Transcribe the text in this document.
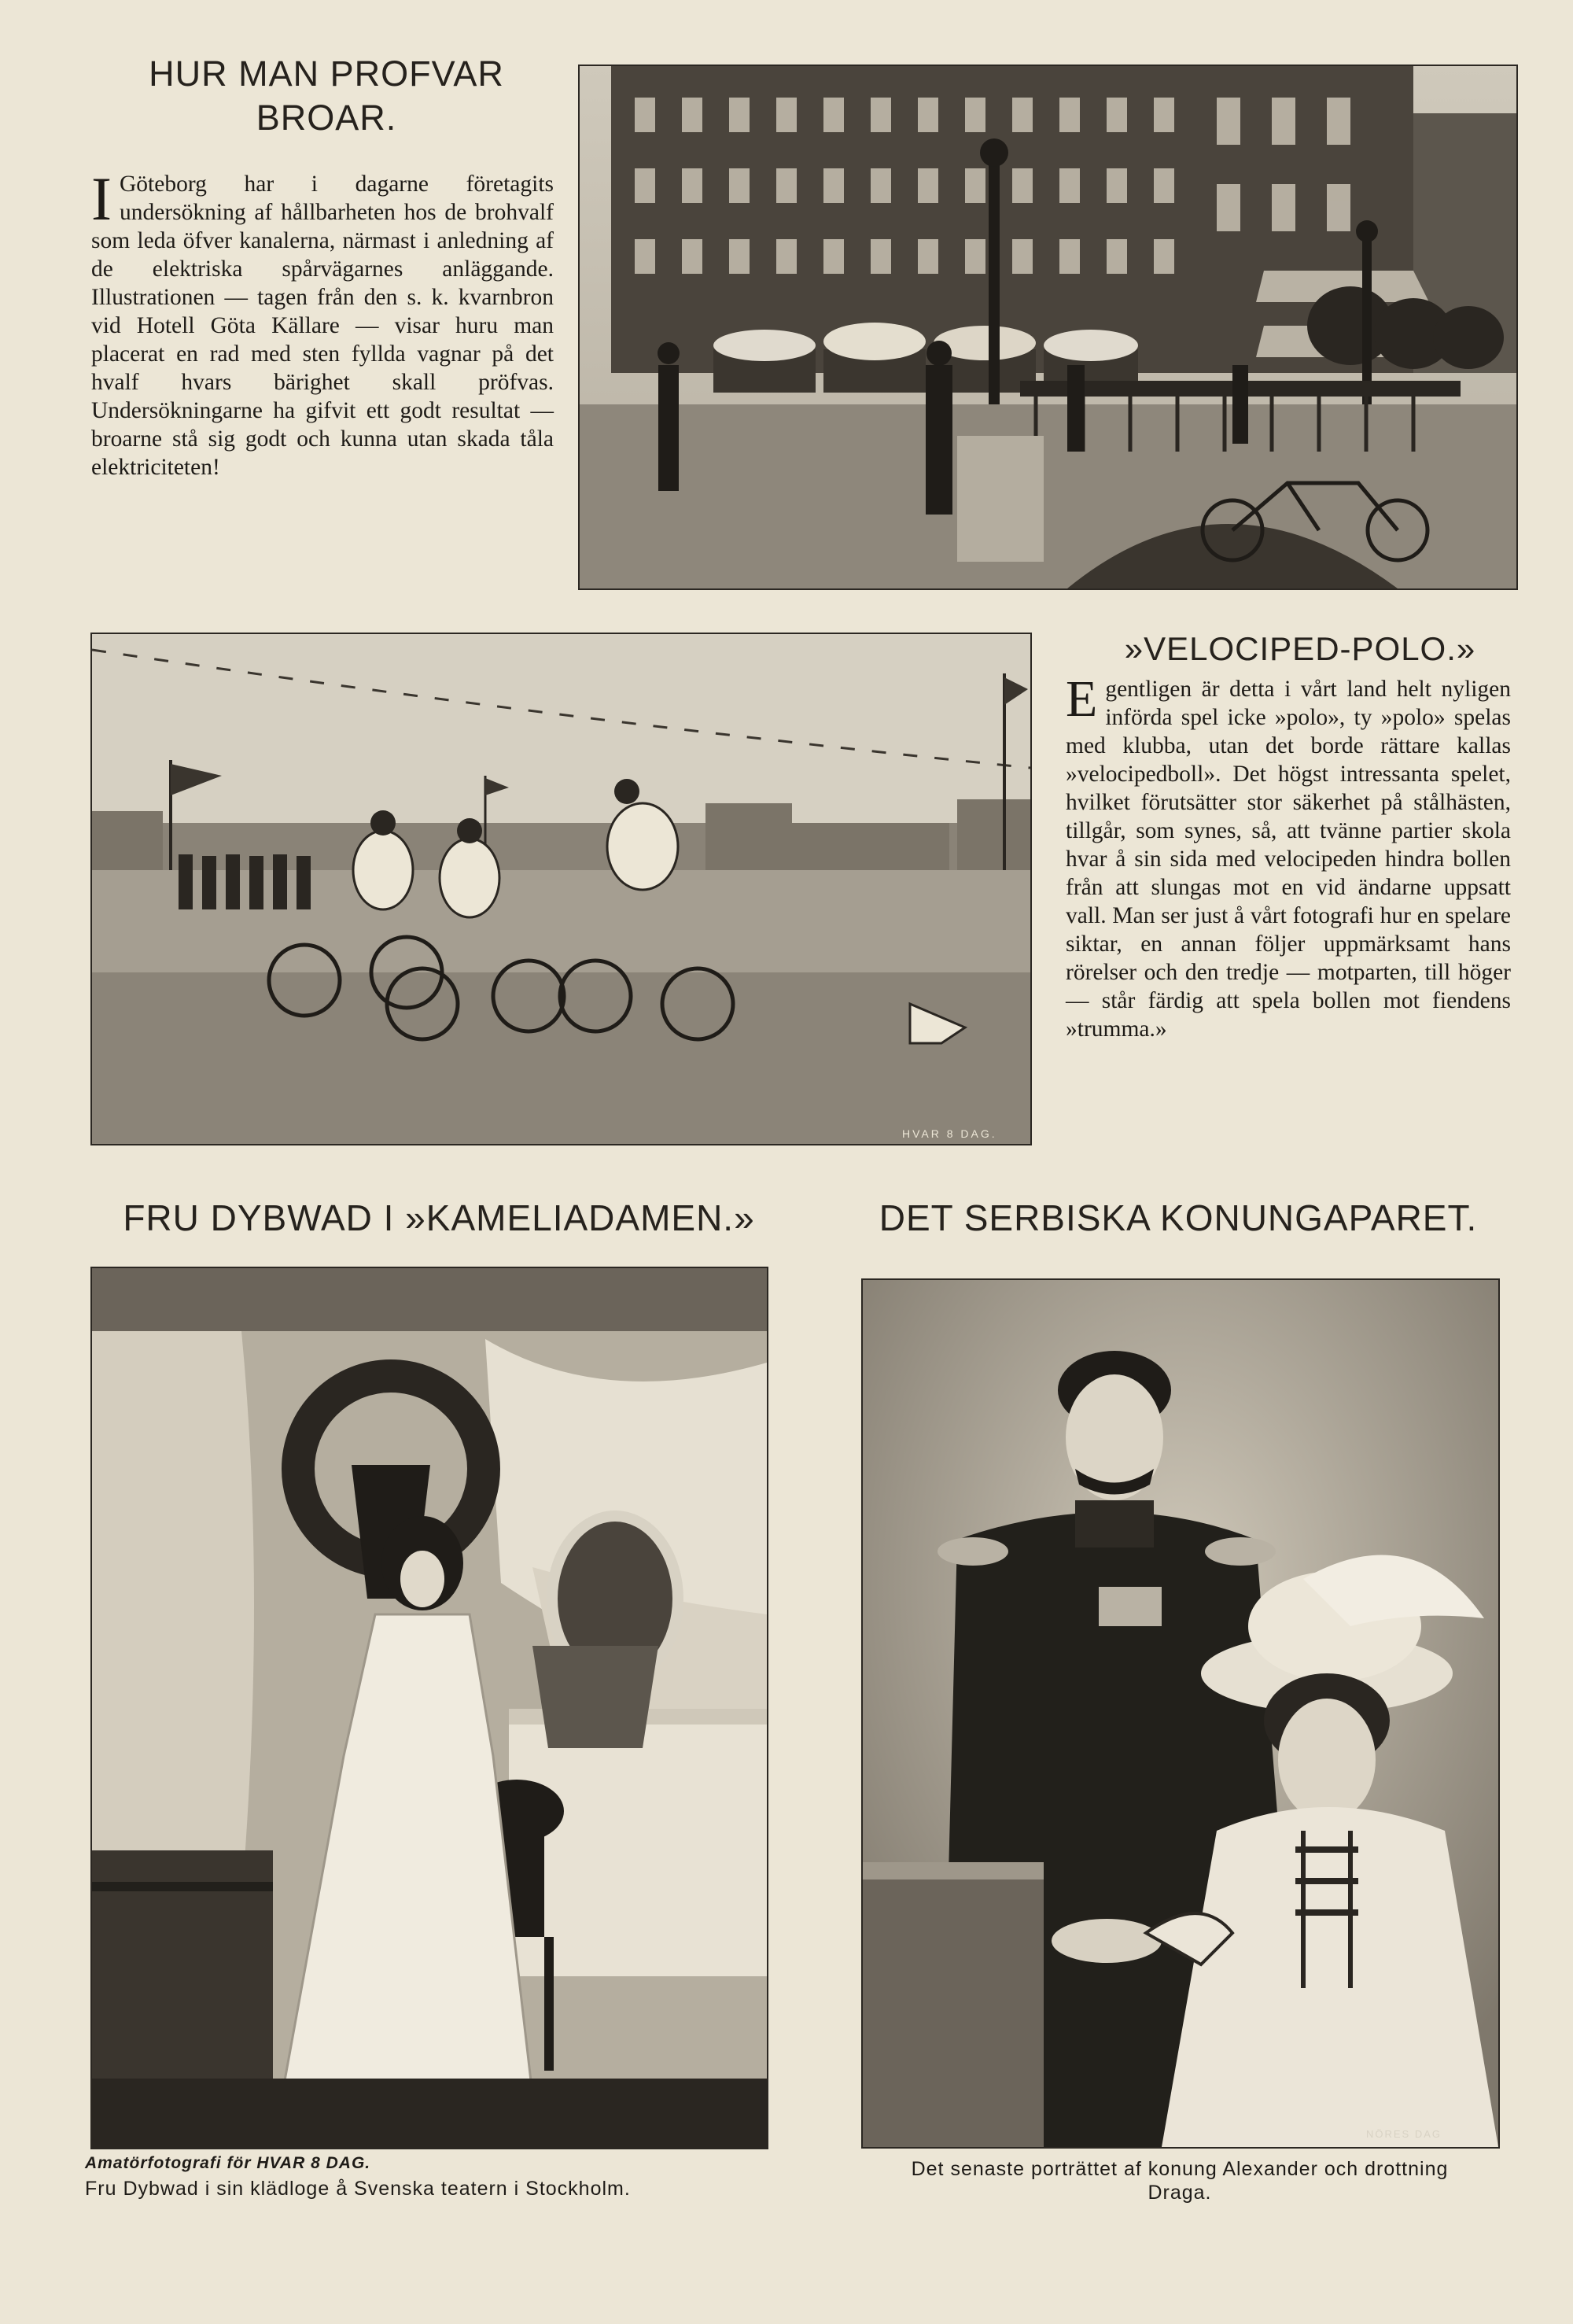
HUR MAN PROFVAR
BROAR.
I Göteborg har i dagarne företagits undersökning af hållbarheten hos de brohvalf som leda öfver kanalerna, närmast i anledning af de elektriska spårvägarnes anläggande. Illustrationen — tagen från den s. k. kvarnbron vid Hotell Göta Källare — visar huru man placerat en rad med sten fyllda vagnar på det hvalf hvars bärighet skall pröfvas. Undersökningarne ha gifvit ett godt resultat — broarne stå sig godt och kunna utan skada tåla elektriciteten!
HVAR 8 DAG.
»VELOCIPED-POLO.»
E gentligen är detta i vårt land helt nyligen införda spel icke »polo», ty »polo» spelas med klubba, utan det borde rättare kallas »velocipedboll». Det högst intressanta spelet, hvilket förutsätter stor säkerhet på stålhästen, tillgår, som synes, så, att tvänne partier skola hvar å sin sida med velocipeden hindra bollen från att slungas mot en vid ändarne uppsatt vall. Man ser just å vårt fotografi hur en spelare siktar, en annan följer uppmärksamt hans rörelser och den tredje — motparten, till höger — står färdig att spela bollen mot fiendens »trumma.»
FRU DYBWAD I »KAMELIADAMEN.»
Amatörfotografi för HVAR 8 DAG.
Fru Dybwad i sin klädloge å Svenska teatern i Stockholm.
DET SERBISKA KONUNGAPARET.
NÖRES DAG
Det senaste porträttet af konung Alexander och drottning
Draga.
